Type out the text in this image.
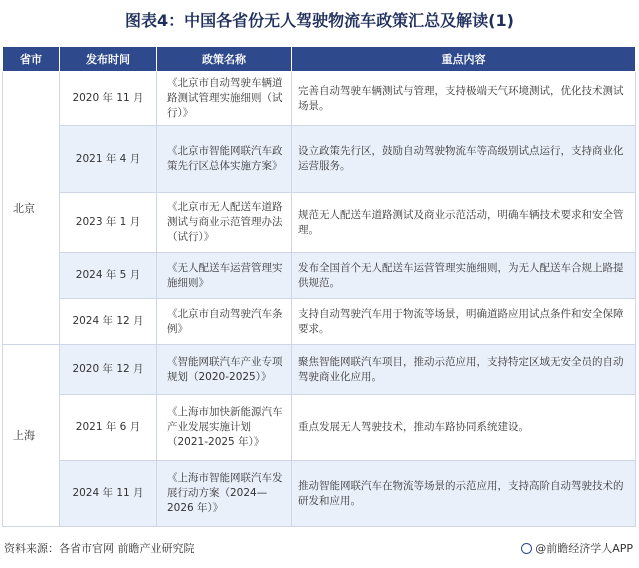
图表4：中国各省份无人驾驶物流车政策汇总及解读(1)
省市	发布时间	政策名称	重点内容
北京	2020 年 11 月	《北京市自动驾驶车辆道路测试管理实施细则（试行）》	完善自动驾驶车辆测试与管理，支持极端天气环境测试，优化技术测试场景。
	2021 年 4 月	《北京市智能网联汽车政策先行区总体实施方案》	设立政策先行区，鼓励自动驾驶物流车等高级别试点运行，支持商业化运营服务。
	2023 年 1 月	《北京市无人配送车道路测试与商业示范管理办法（试行）》	规范无人配送车道路测试及商业示范活动，明确车辆技术要求和安全管理。
	2024 年 5 月	《无人配送车运营管理实施细则》	发布全国首个无人配送车运营管理实施细则，为无人配送车合规上路提供规范。
	2024 年 12 月	《北京市自动驾驶汽车条例》	支持自动驾驶汽车用于物流等场景，明确道路应用试点条件和安全保障要求。
上海	2020 年 12 月	《智能网联汽车产业专项规划（2020-2025）》	聚焦智能网联汽车项目，推动示范应用，支持特定区域无安全员的自动驾驶商业化应用。
	2021 年 6 月	《上海市加快新能源汽车产业发展实施计划（2021-2025 年）》	重点发展无人驾驶技术，推动车路协同系统建设。
	2024 年 11 月	《上海市智能网联汽车发展行动方案（2024—2026 年）》	推动智能网联汽车在物流等场景的示范应用，支持高阶自动驾驶技术的研发和应用。
资料来源：各省市官网 前瞻产业研究院	@前瞻经济学人APP
